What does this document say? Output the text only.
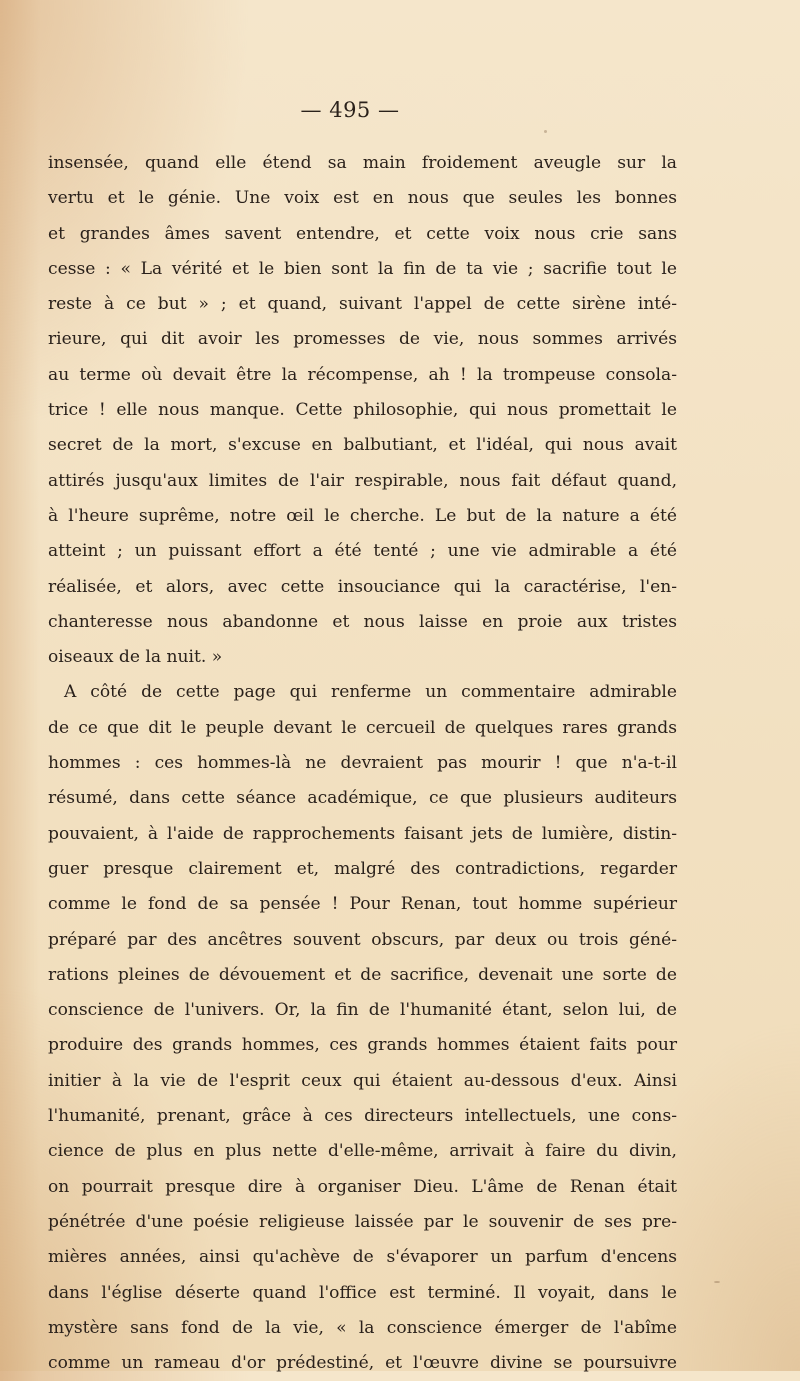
— 495 —
insensée, quand elle étend sa main froidement aveugle sur la
vertu et le génie. Une voix est en nous que seules les bonnes
et grandes âmes savent entendre, et cette voix nous crie sans
cesse : « La vérité et le bien sont la fin de ta vie ; sacrifie tout le
reste à ce but » ; et quand, suivant l'appel de cette sirène inté-
rieure, qui dit avoir les promesses de vie, nous sommes arrivés
au terme où devait être la récompense, ah ! la trompeuse consola-
trice ! elle nous manque. Cette philosophie, qui nous promettait le
secret de la mort, s'excuse en balbutiant, et l'idéal, qui nous avait
attirés jusqu'aux limites de l'air respirable, nous fait défaut quand,
à l'heure suprême, notre œil le cherche. Le but de la nature a été
atteint ; un puissant effort a été tenté ; une vie admirable a été
réalisée, et alors, avec cette insouciance qui la caractérise, l'en-
chanteresse nous abandonne et nous laisse en proie aux tristes
oiseaux de la nuit. »
A côté de cette page qui renferme un commentaire admirable
de ce que dit le peuple devant le cercueil de quelques rares grands
hommes : ces hommes-là ne devraient pas mourir ! que n'a-t-il
résumé, dans cette séance académique, ce que plusieurs auditeurs
pouvaient, à l'aide de rapprochements faisant jets de lumière, distin-
guer presque clairement et, malgré des contradictions, regarder
comme le fond de sa pensée ! Pour Renan, tout homme supérieur
préparé par des ancêtres souvent obscurs, par deux ou trois géné-
rations pleines de dévouement et de sacrifice, devenait une sorte de
conscience de l'univers. Or, la fin de l'humanité étant, selon lui, de
produire des grands hommes, ces grands hommes étaient faits pour
initier à la vie de l'esprit ceux qui étaient au-dessous d'eux. Ainsi
l'humanité, prenant, grâce à ces directeurs intellectuels, une cons-
cience de plus en plus nette d'elle-même, arrivait à faire du divin,
on pourrait presque dire à organiser Dieu. L'âme de Renan était
pénétrée d'une poésie religieuse laissée par le souvenir de ses pre-
mières années, ainsi qu'achève de s'évaporer un parfum d'encens
dans l'église déserte quand l'office est terminé. Il voyait, dans le
mystère sans fond de la vie, « la conscience émerger de l'abîme
comme un rameau d'or prédestiné, et l'œuvre divine se poursuivre
